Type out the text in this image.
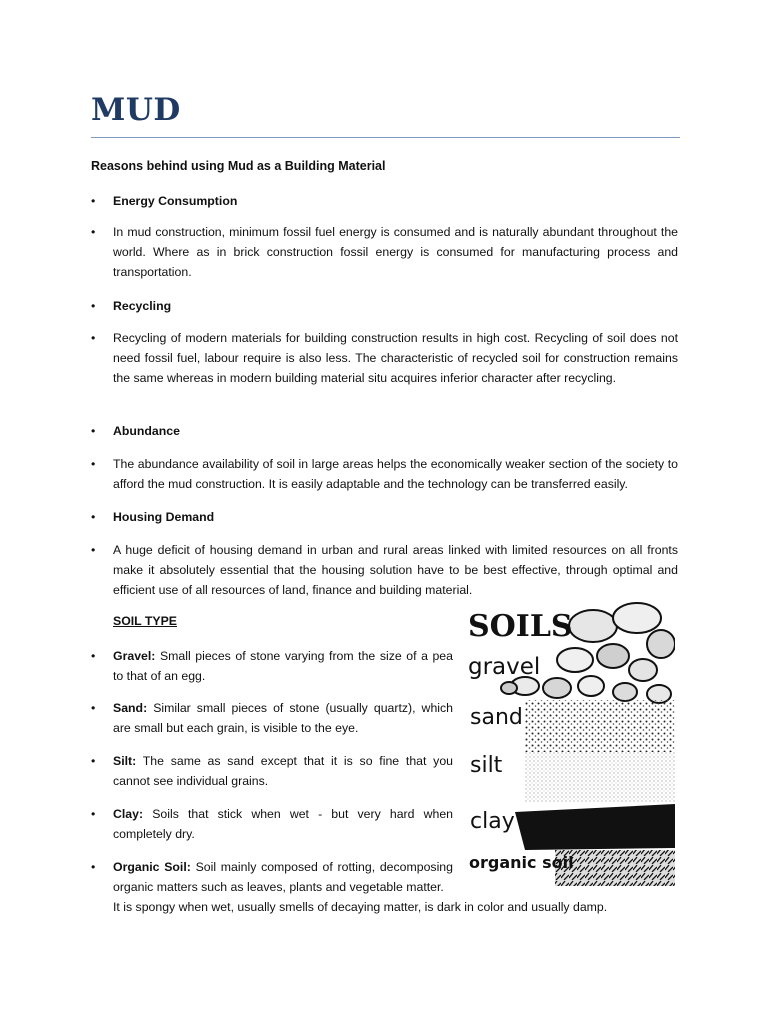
MUD
Reasons behind using Mud as a Building Material
•	Energy Consumption
•	In mud construction, minimum fossil fuel energy is consumed and is naturally abundant throughout the world. Where as in brick construction fossil energy is consumed for manufacturing process and transportation.
•	Recycling
•	Recycling of modern materials for building construction results in high cost. Recycling of soil does not need fossil fuel, labour require is also less. The characteristic of recycled soil for construction remains the same whereas in modern building material situ acquires inferior character after recycling.
•	Abundance
•	The abundance availability of soil in large areas helps the economically weaker section of the society to afford the mud construction. It is easily adaptable and the technology can be transferred easily.
•	Housing Demand
•	A huge deficit of housing demand in urban and rural areas linked with limited resources on all fronts make it absolutely essential that the housing solution have to be best effective, through optimal and efficient use of all resources of land, finance and building material.
SOIL TYPE
•	Gravel: Small pieces of stone varying from the size of a pea to that of an egg.
•	Sand: Similar small pieces of stone (usually quartz), which are small but each grain, is visible to the eye.
•	Silt: The same as sand except that it is so fine that you cannot see individual grains.
•	Clay: Soils that stick when wet - but very hard when completely dry.
•	Organic Soil: Soil mainly composed of rotting, decomposing organic matters such as leaves, plants and vegetable matter.
It is spongy when wet, usually smells of decaying matter, is dark in color and usually damp.
SOILS
gravel
sand
silt
clay
organic soil
